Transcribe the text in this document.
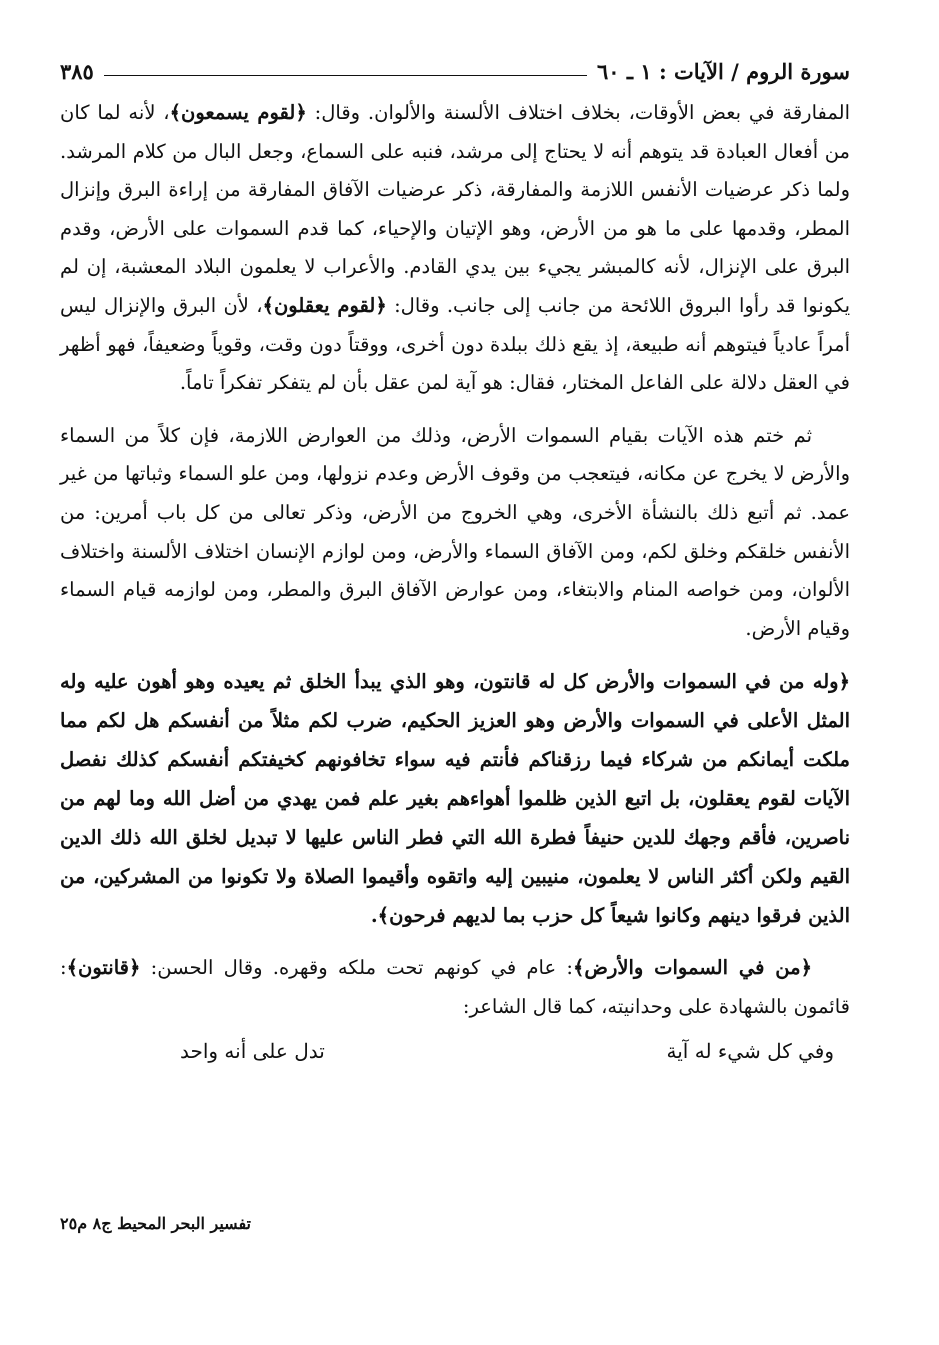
سورة الروم / الآيات : ١ ـ ٦٠
٣٨٥

المفارقة في بعض الأوقات، بخلاف اختلاف الألسنة والألوان. وقال: ﴿لقوم يسمعون﴾، لأنه لما كان من أفعال العبادة قد يتوهم أنه لا يحتاج إلى مرشد، فنبه على السماع، وجعل البال من كلام المرشد. ولما ذكر عرضيات الأنفس اللازمة والمفارقة، ذكر عرضيات الآفاق المفارقة من إراءة البرق وإنزال المطر، وقدمها على ما هو من الأرض، وهو الإتيان والإحياء، كما قدم السموات على الأرض، وقدم البرق على الإنزال، لأنه كالمبشر يجيء بين يدي القادم. والأعراب لا يعلمون البلاد المعشبة، إن لم يكونوا قد رأوا البروق اللائحة من جانب إلى جانب. وقال: ﴿لقوم يعقلون﴾، لأن البرق والإنزال ليس أمراً عادياً فيتوهم أنه طبيعة، إذ يقع ذلك ببلدة دون أخرى، ووقتاً دون وقت، وقوياً وضعيفاً، فهو أظهر في العقل دلالة على الفاعل المختار، فقال: هو آية لمن عقل بأن لم يتفكر تفكراً تاماً.

ثم ختم هذه الآيات بقيام السموات الأرض، وذلك من العوارض اللازمة، فإن كلاً من السماء والأرض لا يخرج عن مكانه، فيتعجب من وقوف الأرض وعدم نزولها، ومن علو السماء وثباتها من غير عمد. ثم أتبع ذلك بالنشأة الأخرى، وهي الخروج من الأرض، وذكر تعالى من كل باب أمرين: من الأنفس خلقكم وخلق لكم، ومن الآفاق السماء والأرض، ومن لوازم الإنسان اختلاف الألسنة واختلاف الألوان، ومن خواصه المنام والابتغاء، ومن عوارض الآفاق البرق والمطر، ومن لوازمه قيام السماء وقيام الأرض.

﴿وله من في السموات والأرض كل له قانتون، وهو الذي يبدأ الخلق ثم يعيده وهو أهون عليه وله المثل الأعلى في السموات والأرض وهو العزيز الحكيم، ضرب لكم مثلاً من أنفسكم هل لكم مما ملكت أيمانكم من شركاء فيما رزقناكم فأنتم فيه سواء تخافونهم كخيفتكم أنفسكم كذلك نفصل الآيات لقوم يعقلون، بل اتبع الذين ظلموا أهواءهم بغير علم فمن يهدي من أضل الله وما لهم من ناصرين، فأقم وجهك للدين حنيفاً فطرة الله التي فطر الناس عليها لا تبديل لخلق الله ذلك الدين القيم ولكن أكثر الناس لا يعلمون، منيبين إليه واتقوه وأقيموا الصلاة ولا تكونوا من المشركين، من الذين فرقوا دينهم وكانوا شيعاً كل حزب بما لديهم فرحون﴾.

﴿من في السموات والأرض﴾: عام في كونهم تحت ملكه وقهره. وقال الحسن: ﴿قانتون﴾: قائمون بالشهادة على وحدانيته، كما قال الشاعر:

وفي كل شيء له آية
تدل على أنه واحد
تفسير البحر المحيط ج٨ م٢٥
